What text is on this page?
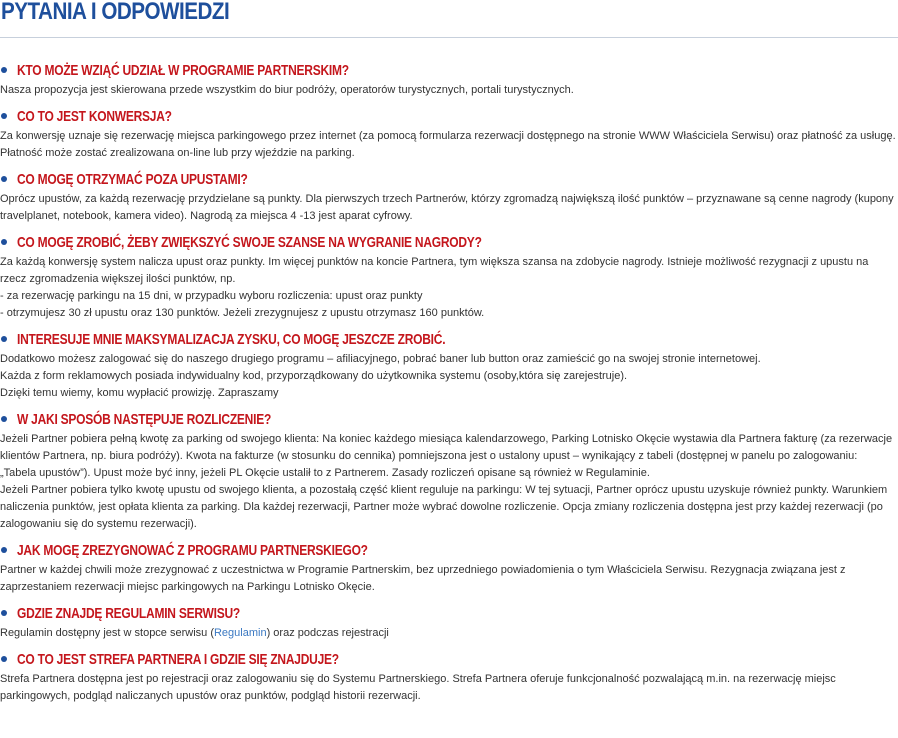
PYTANIA I ODPOWIEDZI
KTO MOŻE WZIĄĆ UDZIAŁ W PROGRAMIE PARTNERSKIM?

Nasza propozycja jest skierowana przede wszystkim do biur podróży, operatorów turystycznych, portali turystycznych.

CO TO JEST KONWERSJA?

Za konwersję uznaje się rezerwację miejsca parkingowego przez internet (za pomocą formularza rezerwacji dostępnego na stronie WWW Właściciela Serwisu) oraz płatność za usługę. Płatność może zostać zrealizowana on-line lub przy wjeździe na parking.

CO MOGĘ OTRZYMAĆ POZA UPUSTAMI?

Oprócz upustów, za każdą rezerwację przydzielane są punkty. Dla pierwszych trzech Partnerów, którzy zgromadzą największą ilość punktów – przyznawane są cenne nagrody (kupony travelplanet, notebook, kamera video). Nagrodą za miejsca 4 -13 jest aparat cyfrowy.

CO MOGĘ ZROBIĆ, ŻEBY ZWIĘKSZYĆ SWOJE SZANSE NA WYGRANIE NAGRODY?

Za każdą konwersję system nalicza upust oraz punkty. Im więcej punktów na koncie Partnera, tym większa szansa na zdobycie nagrody. Istnieje możliwość rezygnacji z upustu na rzecz zgromadzenia większej ilości punktów, np.

- za rezerwację parkingu na 15 dni, w przypadku wyboru rozliczenia: upust oraz punkty

- otrzymujesz 30 zł upustu oraz 130 punktów. Jeżeli zrezygnujesz z upustu otrzymasz 160 punktów.

INTERESUJE MNIE MAKSYMALIZACJA ZYSKU, CO MOGĘ JESZCZE ZROBIĆ.

Dodatkowo możesz zalogować się do naszego drugiego programu – afiliacyjnego, pobrać baner lub button oraz zamieścić go na swojej stronie internetowej.

Każda z form reklamowych posiada indywidualny kod, przyporządkowany do użytkownika systemu (osoby,która się zarejestruje).

Dzięki temu wiemy, komu wypłacić prowizję. Zapraszamy

W JAKI SPOSÓB NASTĘPUJE ROZLICZENIE?

Jeżeli Partner pobiera pełną kwotę za parking od swojego klienta: Na koniec każdego miesiąca kalendarzowego, Parking Lotnisko Okęcie wystawia dla Partnera fakturę (za rezerwacje klientów Partnera, np. biura podróży). Kwota na fakturze (w stosunku do cennika) pomniejszona jest o ustalony upust – wynikający z tabeli (dostępnej w panelu po zalogowaniu: „Tabela upustów”). Upust może być inny, jeżeli PL Okęcie ustalił to z Partnerem. Zasady rozliczeń opisane są również w Regulaminie.

Jeżeli Partner pobiera tylko kwotę upustu od swojego klienta, a pozostałą część klient reguluje na parkingu: W tej sytuacji, Partner oprócz upustu uzyskuje również punkty. Warunkiem naliczenia punktów, jest opłata klienta za parking. Dla każdej rezerwacji, Partner może wybrać dowolne rozliczenie. Opcja zmiany rozliczenia dostępna jest przy każdej rezerwacji (po zalogowaniu się do systemu rezerwacji).

JAK MOGĘ ZREZYGNOWAĆ Z PROGRAMU PARTNERSKIEGO?

Partner w każdej chwili może zrezygnować z uczestnictwa w Programie Partnerskim, bez uprzedniego powiadomienia o tym Właściciela Serwisu. Rezygnacja związana jest z zaprzestaniem rezerwacji miejsc parkingowych na Parkingu Lotnisko Okęcie.

GDZIE ZNAJDĘ REGULAMIN SERWISU?

Regulamin dostępny jest w stopce serwisu (Regulamin) oraz podczas rejestracji

CO TO JEST STREFA PARTNERA I GDZIE SIĘ ZNAJDUJE?

Strefa Partnera dostępna jest po rejestracji oraz zalogowaniu się do Systemu Partnerskiego. Strefa Partnera oferuje funkcjonalność pozwalającą m.in. na rezerwację miejsc parkingowych, podgląd naliczanych upustów oraz punktów, podgląd historii rezerwacji.
